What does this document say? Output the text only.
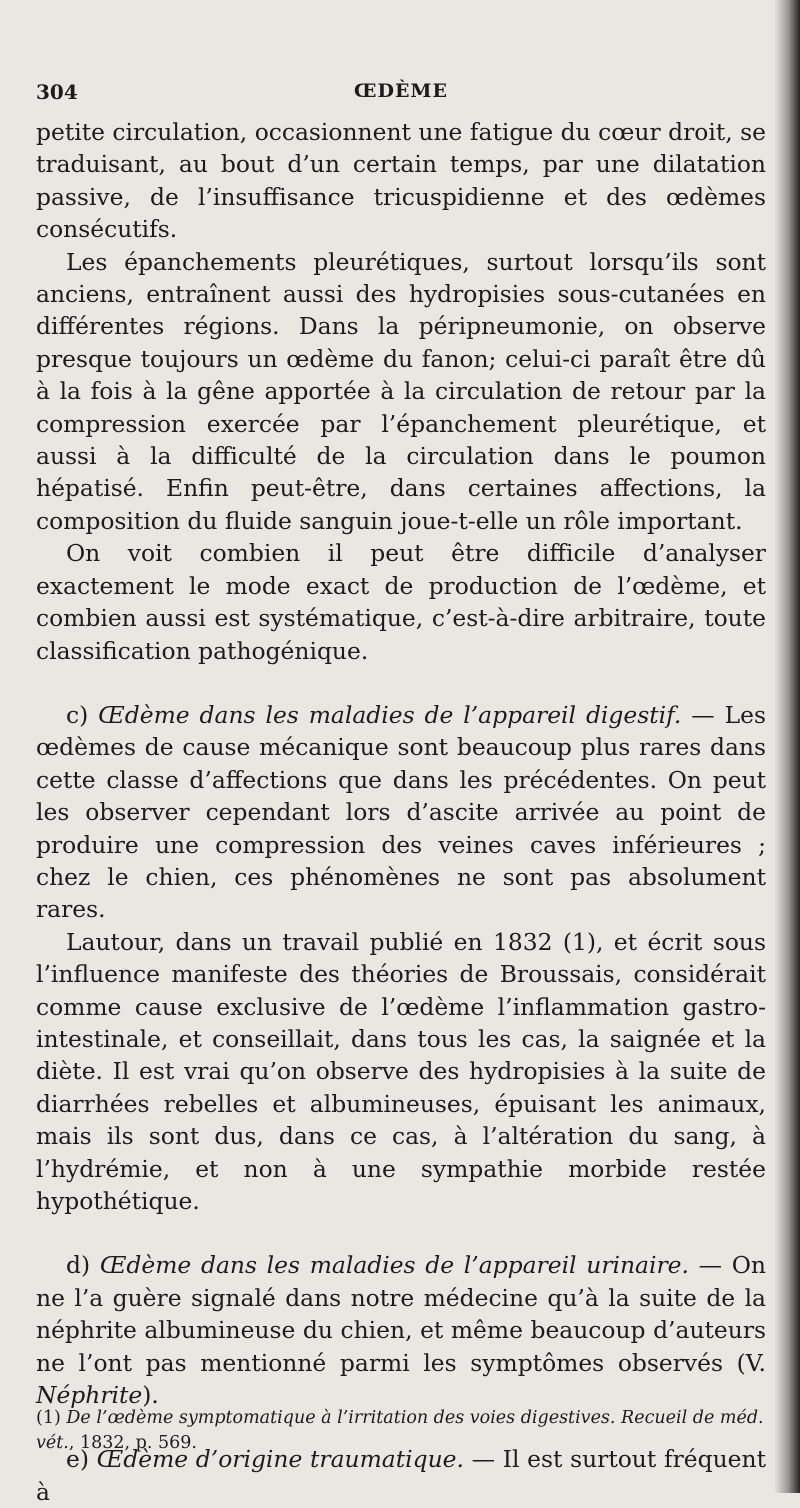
304	ŒDÈME

petite circulation, occasionnent une fatigue du cœur droit, se traduisant, au bout d’un certain temps, par une dilatation passive, de l’insuffisance tricuspidienne et des œdèmes consécutifs.

Les épanchements pleurétiques, surtout lorsqu’ils sont anciens, entraînent aussi des hydropisies sous-cutanées en différentes régions. Dans la péripneumonie, on observe presque toujours un œdème du fanon; celui-ci paraît être dû à la fois à la gêne apportée à la circulation de retour par la compression exercée par l’épanchement pleurétique, et aussi à la difficulté de la circulation dans le poumon hépatisé. Enfin peut-être, dans certaines affections, la composition du fluide sanguin joue-t-elle un rôle important.

On voit combien il peut être difficile d’analyser exactement le mode exact de production de l’œdème, et combien aussi est systématique, c’est-à-dire arbitraire, toute classification pathogénique.

c) Œdème dans les maladies de l’appareil digestif. — Les œdèmes de cause mécanique sont beaucoup plus rares dans cette classe d’affections que dans les précédentes. On peut les observer cependant lors d’ascite arrivée au point de produire une compression des veines caves inférieures ; chez le chien, ces phénomènes ne sont pas absolument rares.

Lautour, dans un travail publié en 1832 (1), et écrit sous l’influence manifeste des théories de Broussais, considérait comme cause exclusive de l’œdème l’inflammation gastro-intestinale, et conseillait, dans tous les cas, la saignée et la diète. Il est vrai qu’on observe des hydropisies à la suite de diarrhées rebelles et albumineuses, épuisant les animaux, mais ils sont dus, dans ce cas, à l’altération du sang, à l’hydrémie, et non à une sympathie morbide restée hypothétique.

d) Œdème dans les maladies de l’appareil urinaire. — On ne l’a guère signalé dans notre médecine qu’à la suite de la néphrite albumineuse du chien, et même beaucoup d’auteurs ne l’ont pas mentionné parmi les symptômes observés (V. Néphrite).

e) Œdème d’origine traumatique. — Il est surtout fréquent à

(1) De l’œdème symptomatique à l’irritation des voies digestives. Recueil de méd. vét., 1832, p. 569.
